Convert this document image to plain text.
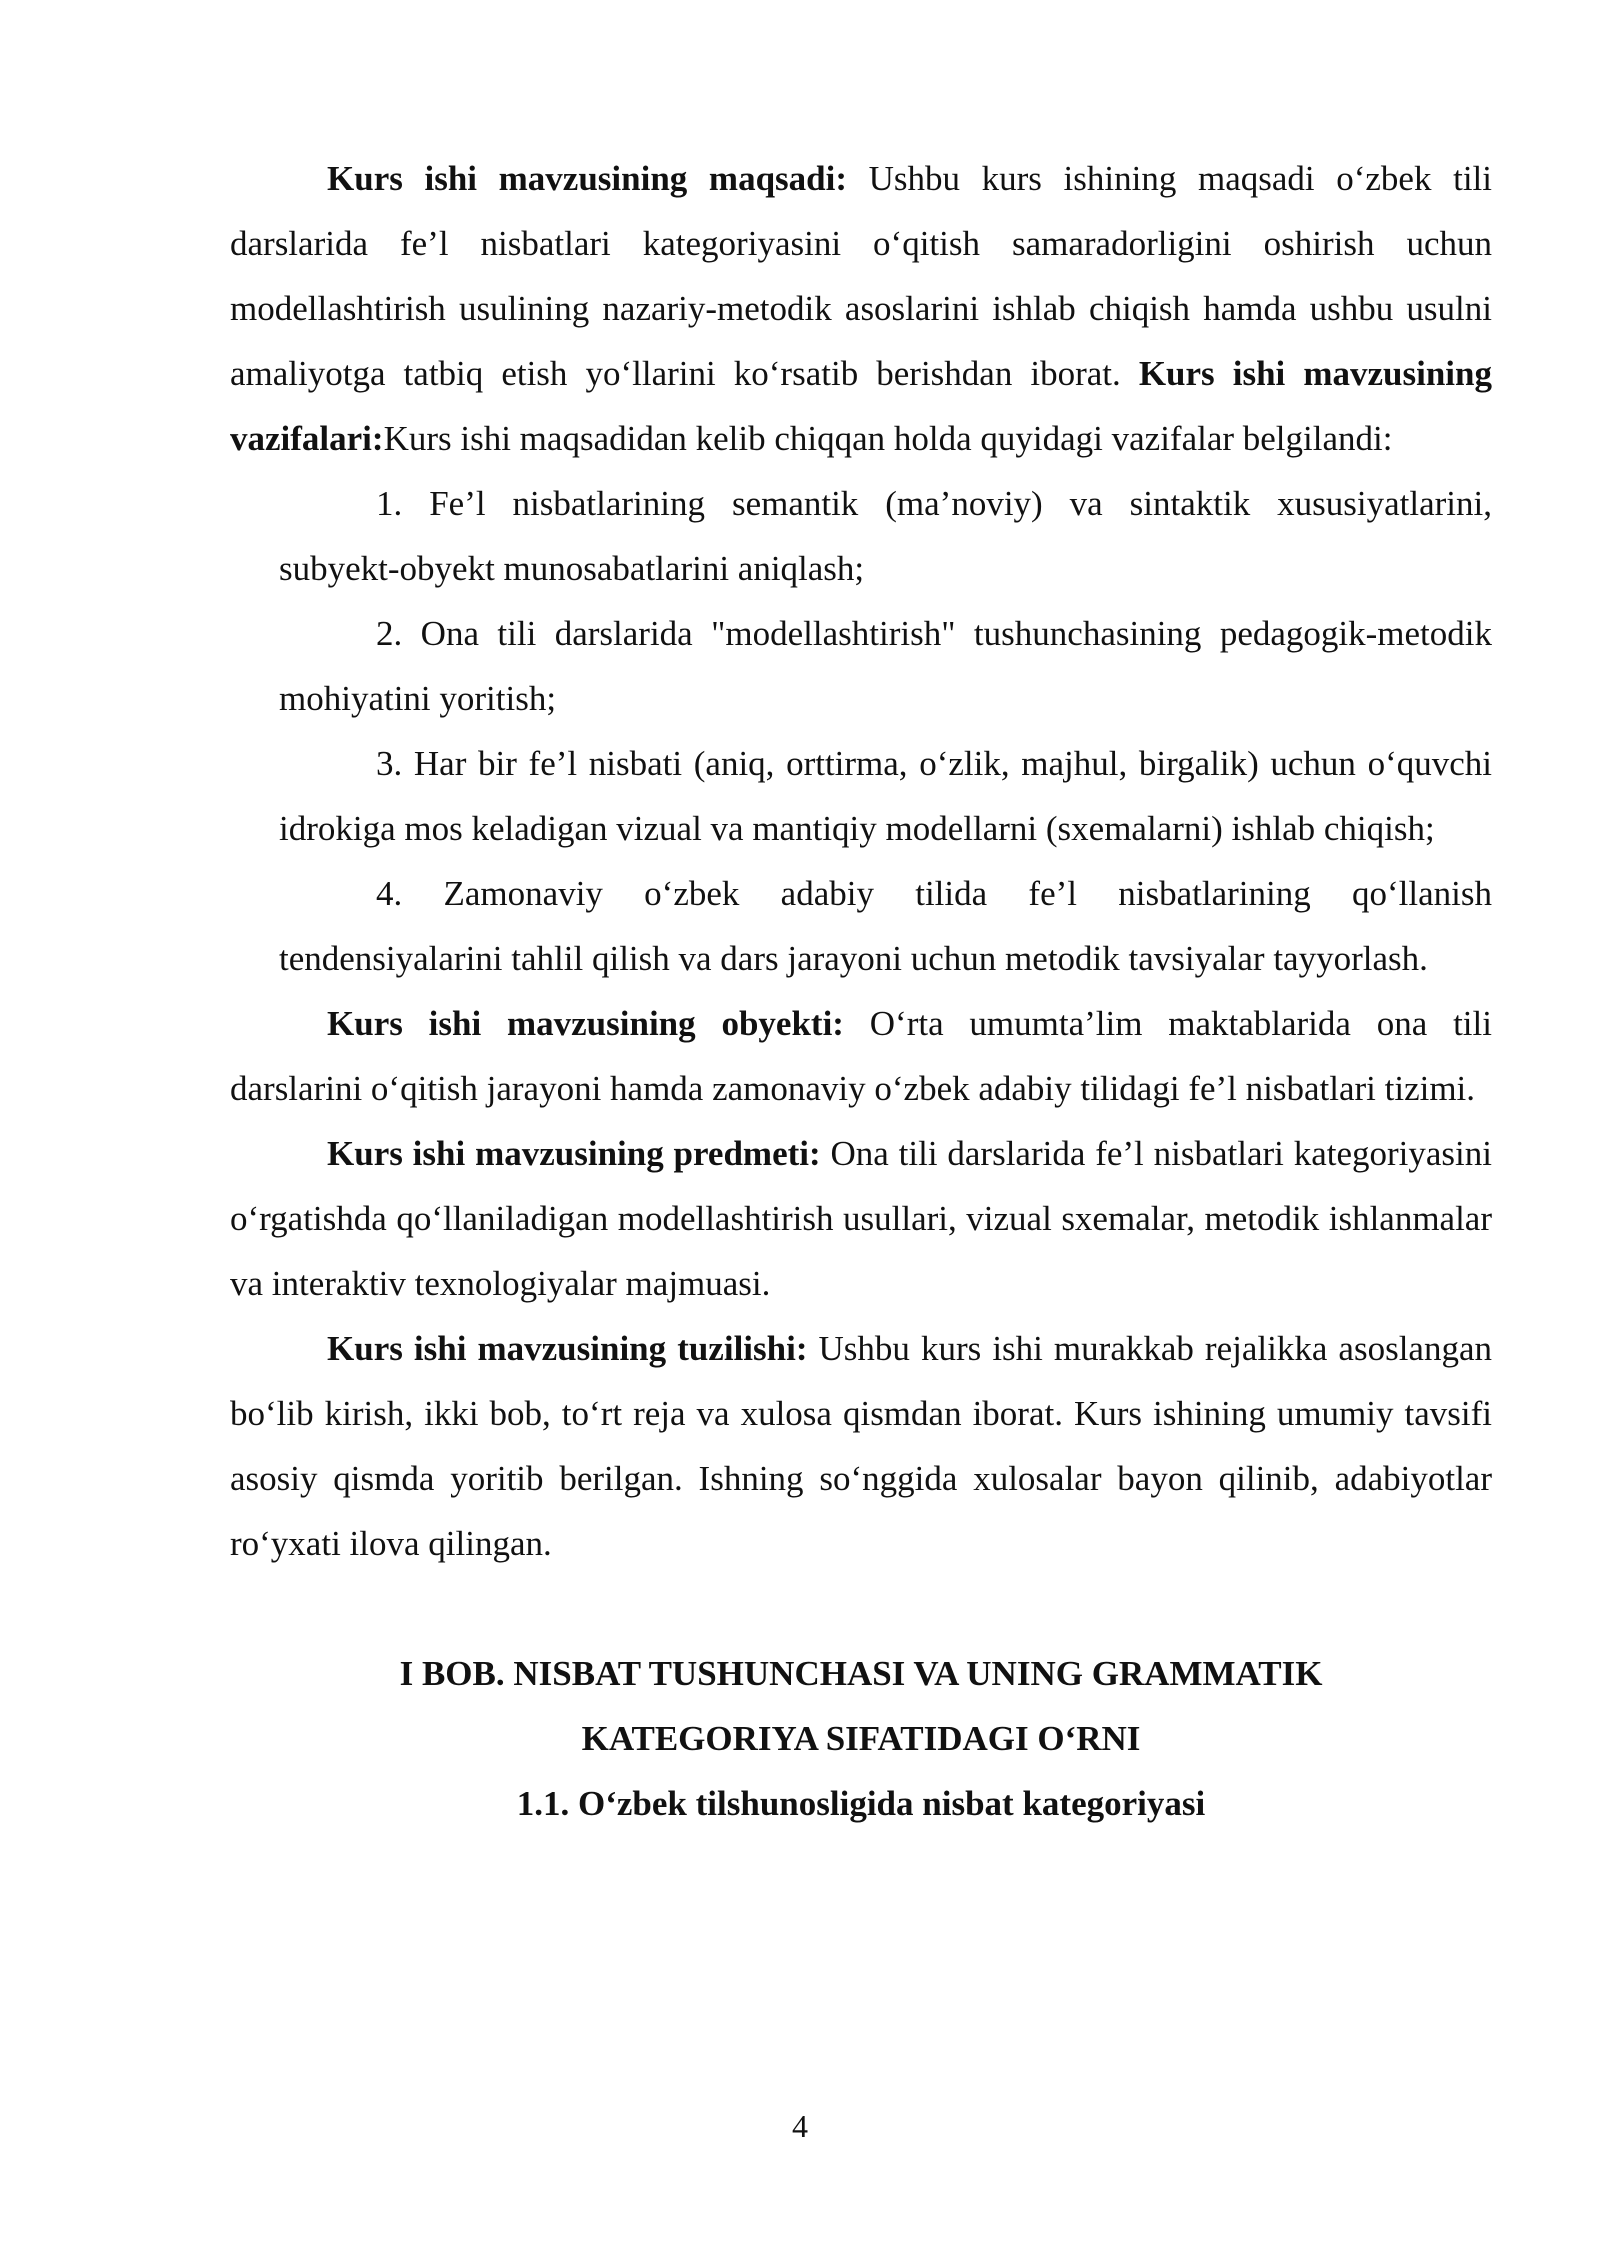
Kurs ishi mavzusining maqsadi: Ushbu kurs ishining maqsadi o‘zbek tili darslarida fe’l nisbatlari kategoriyasini o‘qitish samaradorligini oshirish uchun modellashtirish usulining nazariy-metodik asoslarini ishlab chiqish hamda ushbu usulni amaliyotga tatbiq etish yo‘llarini ko‘rsatib berishdan iborat. Kurs ishi mavzusining vazifalari:Kurs ishi maqsadidan kelib chiqqan holda quyidagi vazifalar belgilandi:

1. Fe’l nisbatlarining semantik (ma’noviy) va sintaktik xususiyatlarini, subyekt-obyekt munosabatlarini aniqlash;
2. Ona tili darslarida "modellashtirish" tushunchasining pedagogik-metodik mohiyatini yoritish;
3. Har bir fe’l nisbati (aniq, orttirma, o‘zlik, majhul, birgalik) uchun o‘quvchi idrokiga mos keladigan vizual va mantiqiy modellarni (sxemalarni) ishlab chiqish;
4. Zamonaviy o‘zbek adabiy tilida fe’l nisbatlarining qo‘llanish tendensiyalarini tahlil qilish va dars jarayoni uchun metodik tavsiyalar tayyorlash.

Kurs ishi mavzusining obyekti: O‘rta umumta’lim maktablarida ona tili darslarini o‘qitish jarayoni hamda zamonaviy o‘zbek adabiy tilidagi fe’l nisbatlari tizimi.

Kurs ishi mavzusining predmeti: Ona tili darslarida fe’l nisbatlari kategoriyasini o‘rgatishda qo‘llaniladigan modellashtirish usullari, vizual sxemalar, metodik ishlanmalar va interaktiv texnologiyalar majmuasi.

Kurs ishi mavzusining tuzilishi: Ushbu kurs ishi murakkab rejalikka asoslangan bo‘lib kirish, ikki bob, to‘rt reja va xulosa qismdan iborat. Kurs ishining umumiy tavsifi asosiy qismda yoritib berilgan. Ishning so‘nggida xulosalar bayon qilinib, adabiyotlar ro‘yxati ilova qilingan.

I BOB. NISBAT TUSHUNCHASI VA UNING GRAMMATIK

KATEGORIYA SIFATIDAGI O‘RNI

1.1. O‘zbek tilshunosligida nisbat kategoriyasi

4
